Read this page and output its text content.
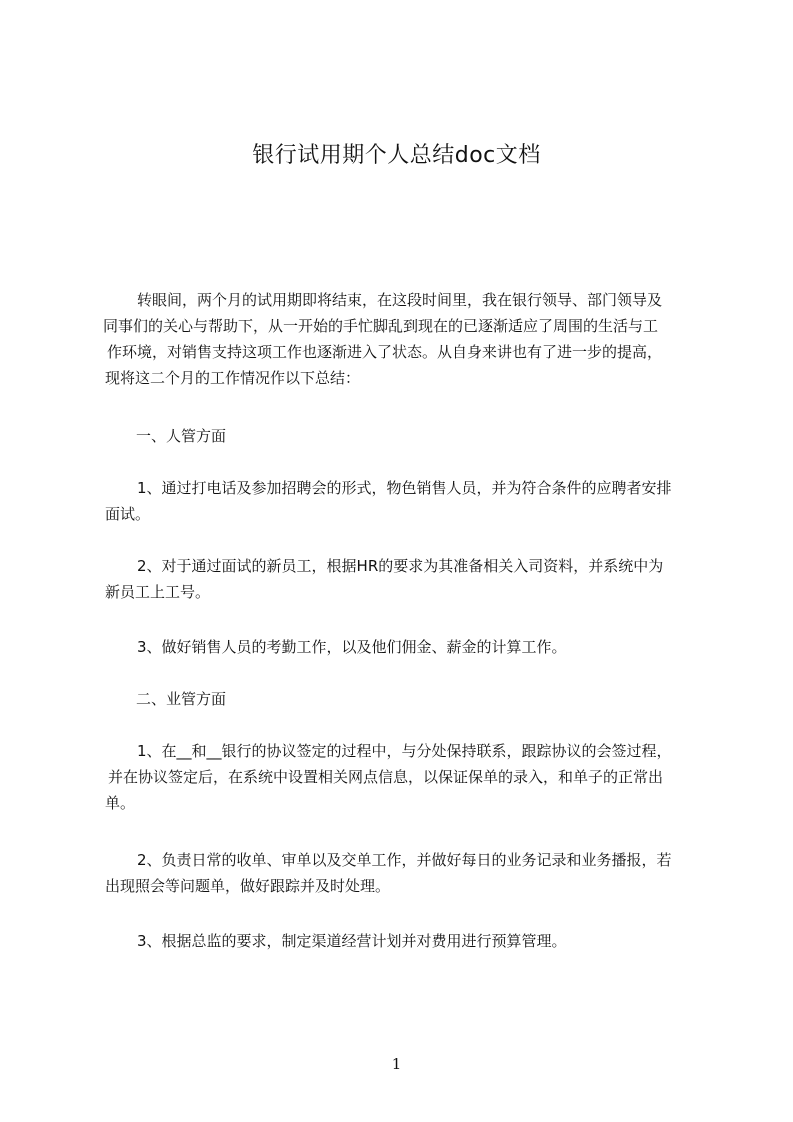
银行试用期个人总结doc文档
转眼间，两个月的试用期即将结束，在这段时间里，我在银行领导、部门领导及
同事们的关心与帮助下，从一开始的手忙脚乱到现在的已逐渐适应了周围的生活与工
作环境，对销售支持这项工作也逐渐进入了状态。从自身来讲也有了进一步的提高，
现将这二个月的工作情况作以下总结：
一、人管方面
1、通过打电话及参加招聘会的形式，物色销售人员，并为符合条件的应聘者安排
面试。
2、对于通过面试的新员工，根据HR的要求为其准备相关入司资料，并系统中为
新员工上工号。
3、做好销售人员的考勤工作，以及他们佣金、薪金的计算工作。
二、业管方面
1、在__和__银行的协议签定的过程中，与分处保持联系，跟踪协议的会签过程，
并在协议签定后，在系统中设置相关网点信息，以保证保单的录入，和单子的正常出
单。
2、负责日常的收单、审单以及交单工作，并做好每日的业务记录和业务播报，若
出现照会等问题单，做好跟踪并及时处理。
3、根据总监的要求，制定渠道经营计划并对费用进行预算管理。
1
